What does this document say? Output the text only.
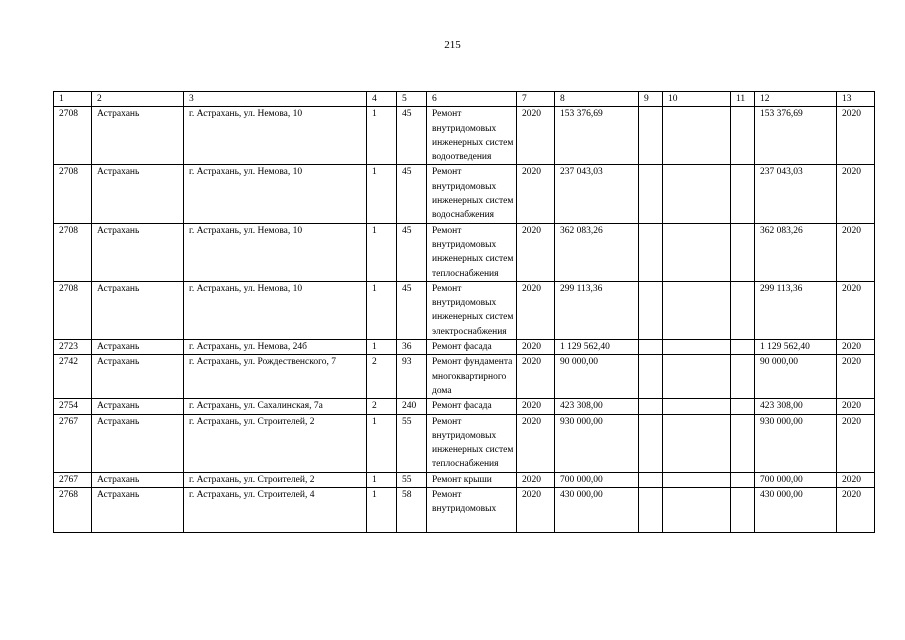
215
1	2	3	4	5	6	7	8	9	10	11	12	13
2708	Астрахань	г. Астрахань, ул. Немова, 10	1	45	Ремонт внутридомовых инженерных систем водоотведения	2020	153 376,69				153 376,69	2020
2708	Астрахань	г. Астрахань, ул. Немова, 10	1	45	Ремонт внутридомовых инженерных систем водоснабжения	2020	237 043,03				237 043,03	2020
2708	Астрахань	г. Астрахань, ул. Немова, 10	1	45	Ремонт внутридомовых инженерных систем теплоснабжения	2020	362 083,26				362 083,26	2020
2708	Астрахань	г. Астрахань, ул. Немова, 10	1	45	Ремонт внутридомовых инженерных систем электроснабжения	2020	299 113,36				299 113,36	2020
2723	Астрахань	г. Астрахань, ул. Немова, 24б	1	36	Ремонт фасада	2020	1 129 562,40				1 129 562,40	2020
2742	Астрахань	г. Астрахань, ул. Рождественского, 7	2	93	Ремонт фундамента многоквартирного дома	2020	90 000,00				90 000,00	2020
2754	Астрахань	г. Астрахань, ул. Сахалинская, 7а	2	240	Ремонт фасада	2020	423 308,00				423 308,00	2020
2767	Астрахань	г. Астрахань, ул. Строителей, 2	1	55	Ремонт внутридомовых инженерных систем теплоснабжения	2020	930 000,00				930 000,00	2020
2767	Астрахань	г. Астрахань, ул. Строителей, 2	1	55	Ремонт крыши	2020	700 000,00				700 000,00	2020
2768	Астрахань	г. Астрахань, ул. Строителей, 4	1	58	Ремонт внутридомовых	2020	430 000,00				430 000,00	2020
